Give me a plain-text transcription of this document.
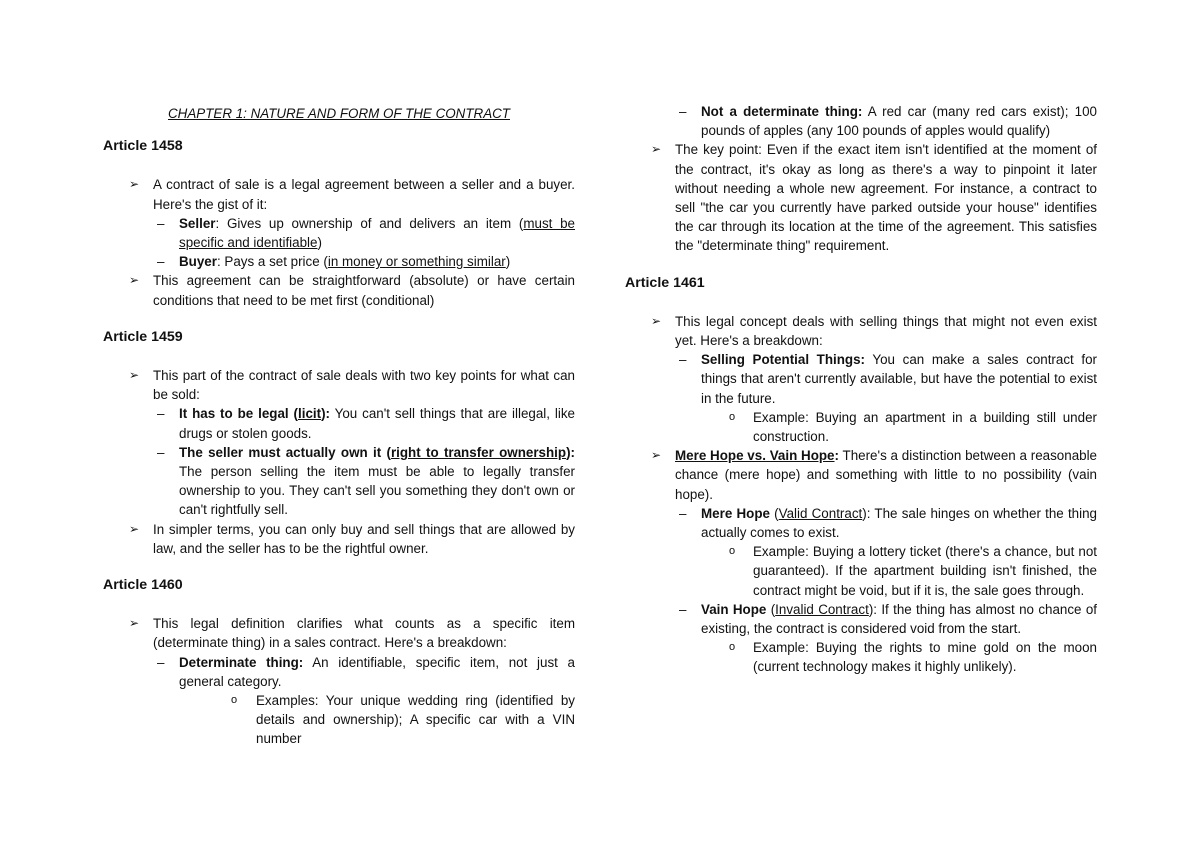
CHAPTER 1: NATURE AND FORM OF THE CONTRACT
Article 1458

➢ A contract of sale is a legal agreement between a seller and a buyer. Here's the gist of it:

– Seller: Gives up ownership of and delivers an item (must be specific and identifiable)

– Buyer: Pays a set price (in money or something similar)

➢ This agreement can be straightforward (absolute) or have certain conditions that need to be met first (conditional)

Article 1459

➢ This part of the contract of sale deals with two key points for what can be sold:

– It has to be legal (licit): You can't sell things that are illegal, like drugs or stolen goods.

– The seller must actually own it (right to transfer ownership): The person selling the item must be able to legally transfer ownership to you. They can't sell you something they don't own or can't rightfully sell.

➢ In simpler terms, you can only buy and sell things that are allowed by law, and the seller has to be the rightful owner.

Article 1460

➢ This legal definition clarifies what counts as a specific item (determinate thing) in a sales contract. Here's a breakdown:

– Determinate thing: An identifiable, specific item, not just a general category.

o Examples: Your unique wedding ring (identified by details and ownership); A specific car with a VIN number

– Not a determinate thing: A red car (many red cars exist); 100 pounds of apples (any 100 pounds of apples would qualify)

➢ The key point: Even if the exact item isn't identified at the moment of the contract, it's okay as long as there's a way to pinpoint it later without needing a whole new agreement. For instance, a contract to sell "the car you currently have parked outside your house" identifies the car through its location at the time of the agreement. This satisfies the "determinate thing" requirement.

Article 1461

➢ This legal concept deals with selling things that might not even exist yet. Here's a breakdown:

– Selling Potential Things: You can make a sales contract for things that aren't currently available, but have the potential to exist in the future.

o Example: Buying an apartment in a building still under construction.

➢ Mere Hope vs. Vain Hope: There's a distinction between a reasonable chance (mere hope) and something with little to no possibility (vain hope).

– Mere Hope (Valid Contract): The sale hinges on whether the thing actually comes to exist.

o Example: Buying a lottery ticket (there's a chance, but not guaranteed). If the apartment building isn't finished, the contract might be void, but if it is, the sale goes through.

– Vain Hope (Invalid Contract): If the thing has almost no chance of existing, the contract is considered void from the start.

o Example: Buying the rights to mine gold on the moon (current technology makes it highly unlikely).
